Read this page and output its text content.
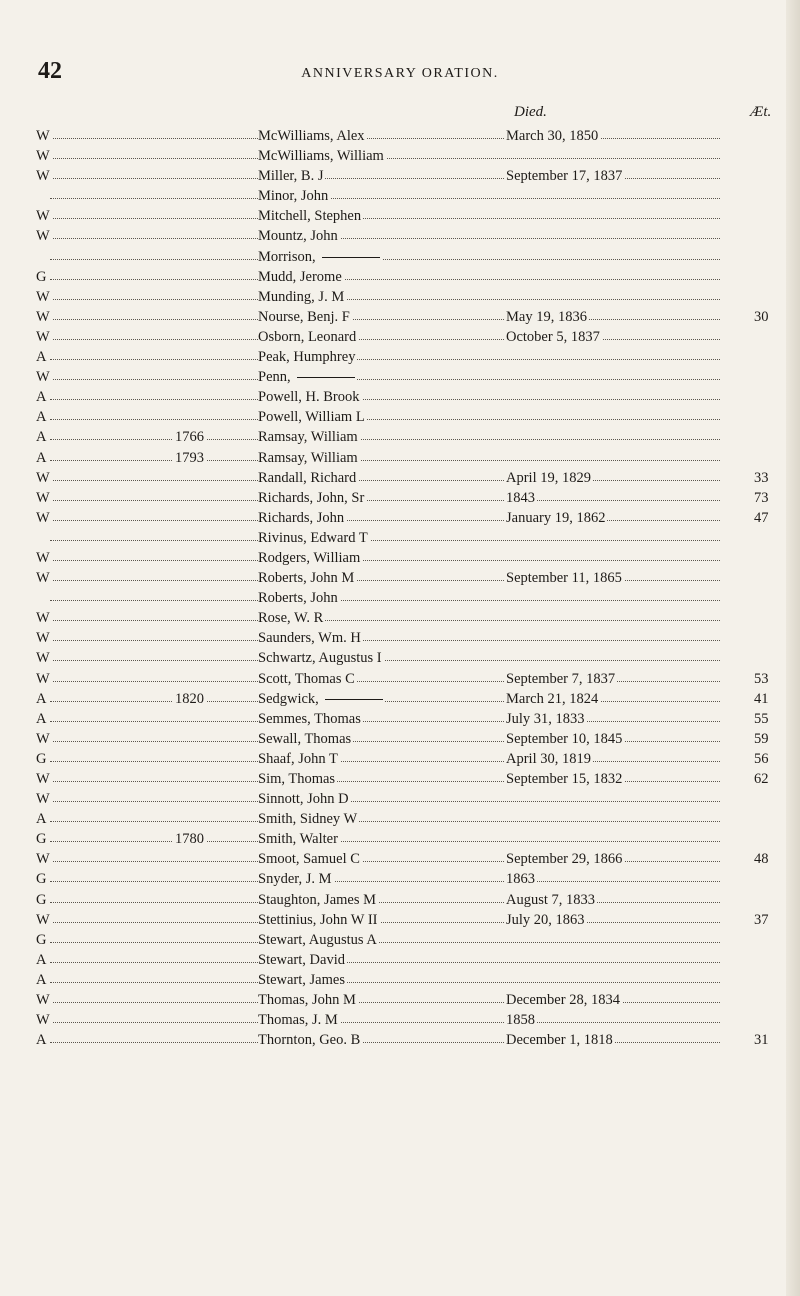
42	ANNIVERSARY ORATION.
Died.	Æt.
W	McWilliams, Alex	March 30, 1850
W	McWilliams, William
W	Miller, B. J	September 17, 1837
Minor, John
W	Mitchell, Stephen
W	Mountz, John
Morrison,
G	Mudd, Jerome
W	Munding, J. M
W	Nourse, Benj. F	May 19, 1836	30
W	Osborn, Leonard	October 5, 1837
A	Peak, Humphrey
W	Penn,
A	Powell, H. Brook
A	Powell, William L
A	1766	Ramsay, William
A	1793	Ramsay, William
W	Randall, Richard	April 19, 1829	33
W	Richards, John, Sr	1843	73
W	Richards, John	January 19, 1862	47
Rivinus, Edward T
W	Rodgers, William
W	Roberts, John M	September 11, 1865
Roberts, John
W	Rose, W. R
W	Saunders, Wm. H
W	Schwartz, Augustus I
W	Scott, Thomas C	September 7, 1837	53
A	1820	Sedgwick,	March 21, 1824	41
A	Semmes, Thomas	July 31, 1833	55
W	Sewall, Thomas	September 10, 1845	59
G	Shaaf, John T	April 30, 1819	56
W	Sim, Thomas	September 15, 1832	62
W	Sinnott, John D
A	Smith, Sidney W
G	1780	Smith, Walter
W	Smoot, Samuel C	September 29, 1866	48
G	Snyder, J. M	1863
G	Staughton, James M	August 7, 1833
W	Stettinius, John W II	July 20, 1863	37
G	Stewart, Augustus A
A	Stewart, David
A	Stewart, James
W	Thomas, John M	December 28, 1834
W	Thomas, J. M	1858
A	Thornton, Geo. B	December 1, 1818	31
